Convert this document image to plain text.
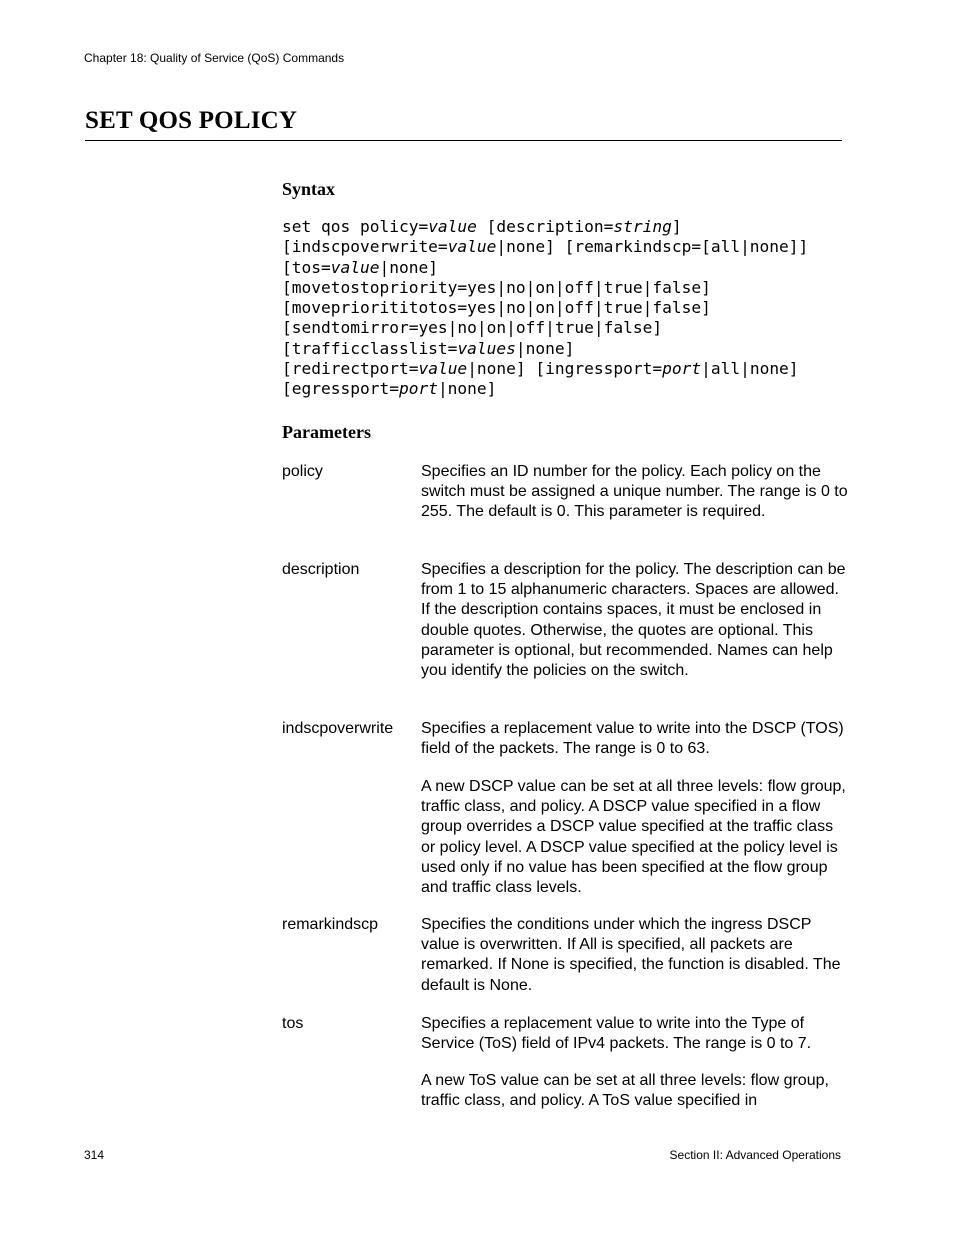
Chapter 18: Quality of Service (QoS) Commands
SET QOS POLICY
Syntax
set qos policy=value [description=string]
[indscpoverwrite=value|none] [remarkindscp=[all|none]]
[tos=value|none]
[movetostopriority=yes|no|on|off|true|false]
[movepriorititotos=yes|no|on|off|true|false]
[sendtomirror=yes|no|on|off|true|false]
[trafficclasslist=values|none]
[redirectport=value|none] [ingressport=port|all|none]
[egressport=port|none]
Parameters
policy	Specifies an ID number for the policy. Each policy on the switch must be assigned a unique number. The range is 0 to 255. The default is 0. This parameter is required.
description	Specifies a description for the policy. The description can be from 1 to 15 alphanumeric characters. Spaces are allowed. If the description contains spaces, it must be enclosed in double quotes. Otherwise, the quotes are optional. This parameter is optional, but recommended. Names can help you identify the policies on the switch.
indscpoverwrite Specifies a replacement value to write into the DSCP (TOS) field of the packets. The range is 0 to 63.
A new DSCP value can be set at all three levels: flow group, traffic class, and policy. A DSCP value specified in a flow group overrides a DSCP value specified at the traffic class or policy level. A DSCP value specified at the policy level is used only if no value has been specified at the flow group and traffic class levels.
remarkindscp	Specifies the conditions under which the ingress DSCP value is overwritten. If All is specified, all packets are remarked. If None is specified, the function is disabled. The default is None.
tos	Specifies a replacement value to write into the Type of Service (ToS) field of IPv4 packets. The range is 0 to 7.
A new ToS value can be set at all three levels: flow group, traffic class, and policy. A ToS value specified in
314	Section II: Advanced Operations
